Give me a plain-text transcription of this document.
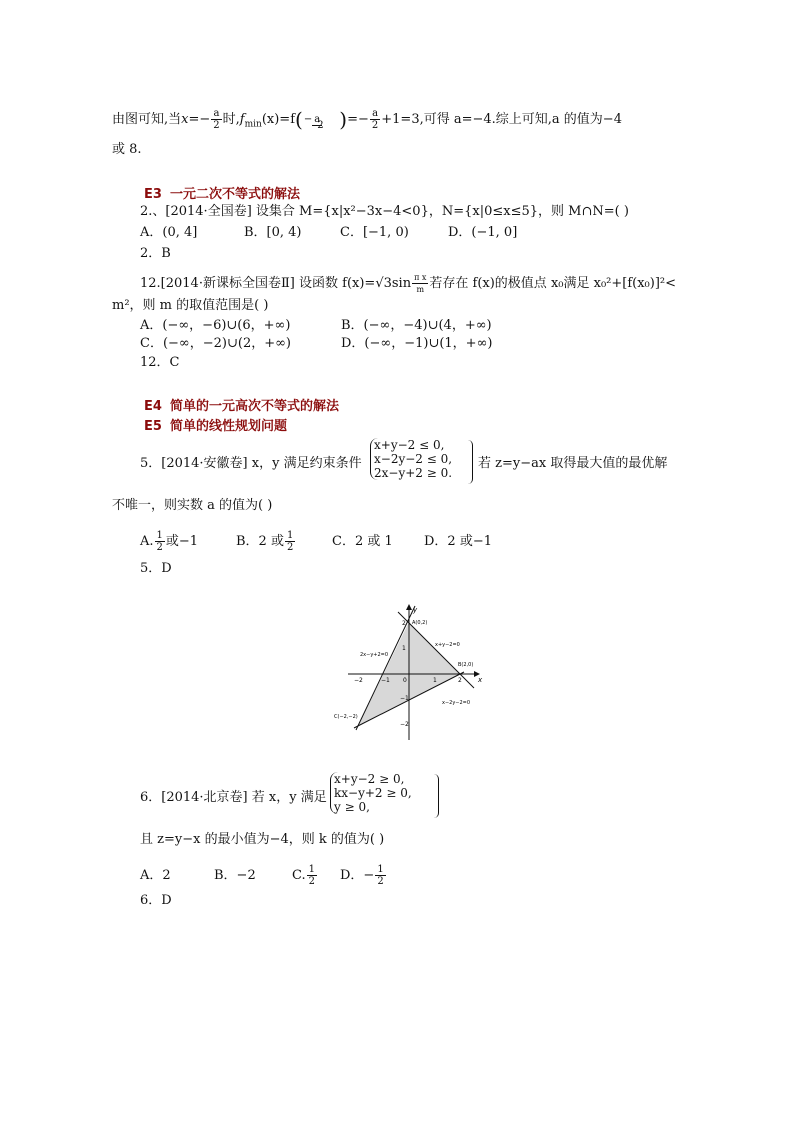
由图可知,当$x=- \frac{a}{2}$ 时$,f_{min}(x)=f(- a$
2 )=− $\frac{a}{2} +1=3$,可得 a=−4.综上可知,a 的值为−4
或 8.
E3 一元二次不等式的解法
2.、[2014·全国卷] 设集合 M={x|x²−3x−4<0}，N={x|0≤x≤5}，则 M∩N=( )
A．(0, 4]	B．[0, 4)	C．[−1, 0)	D．(−1, 0]
2．B
12.[2014·新课标全国卷Ⅱ] 设函数 $f(x)=√3\sin \frac{\text{π x}}{m}$ 若存在 f(x)的极值点 x₀满足 x₀²+[f(x₀)]²<
m²，则 m 的取值范围是( )
A．(−∞，−6)∪(6，+∞)	B．(−∞，−4)∪(4，+∞)
C．(−∞，−2)∪(2，+∞)	D．(−∞，−1)∪(1，+∞)
12．C
E4 简单的一元高次不等式的解法
E5 简单的线性规划问题
5．[2014·安徽卷] x，y 满足约束条件
x+y−2 ≤ 0,
x−2y−2 ≤ 0,
2x−y+2 ≥ 0.
若 z=y−ax 取得最大值的最优解
不唯一，则实数 a 的值为( )
A. $\frac{1}{2}$ 或−1	B．2 或 $\frac{1}{2}$	C．2 或 1 D．2 或−1
5．D
y
x
0
−2	−1	1	2
2
1
−1
−2
A(0,2)
B(2,0)
C(−2,−2)
2x−y+2=0
x+y−2=0
x−2y−2=0
6．[2014·北京卷] 若 x，y 满足
x+y−2 ≥ 0,
kx−y+2 ≥ 0,
y ≥ 0,
且 z=y−x 的最小值为−4，则 k 的值为( )
A．2	B．−2	C. $\frac{1}{2}$ D．− $\frac{1}{2}$
6．D
